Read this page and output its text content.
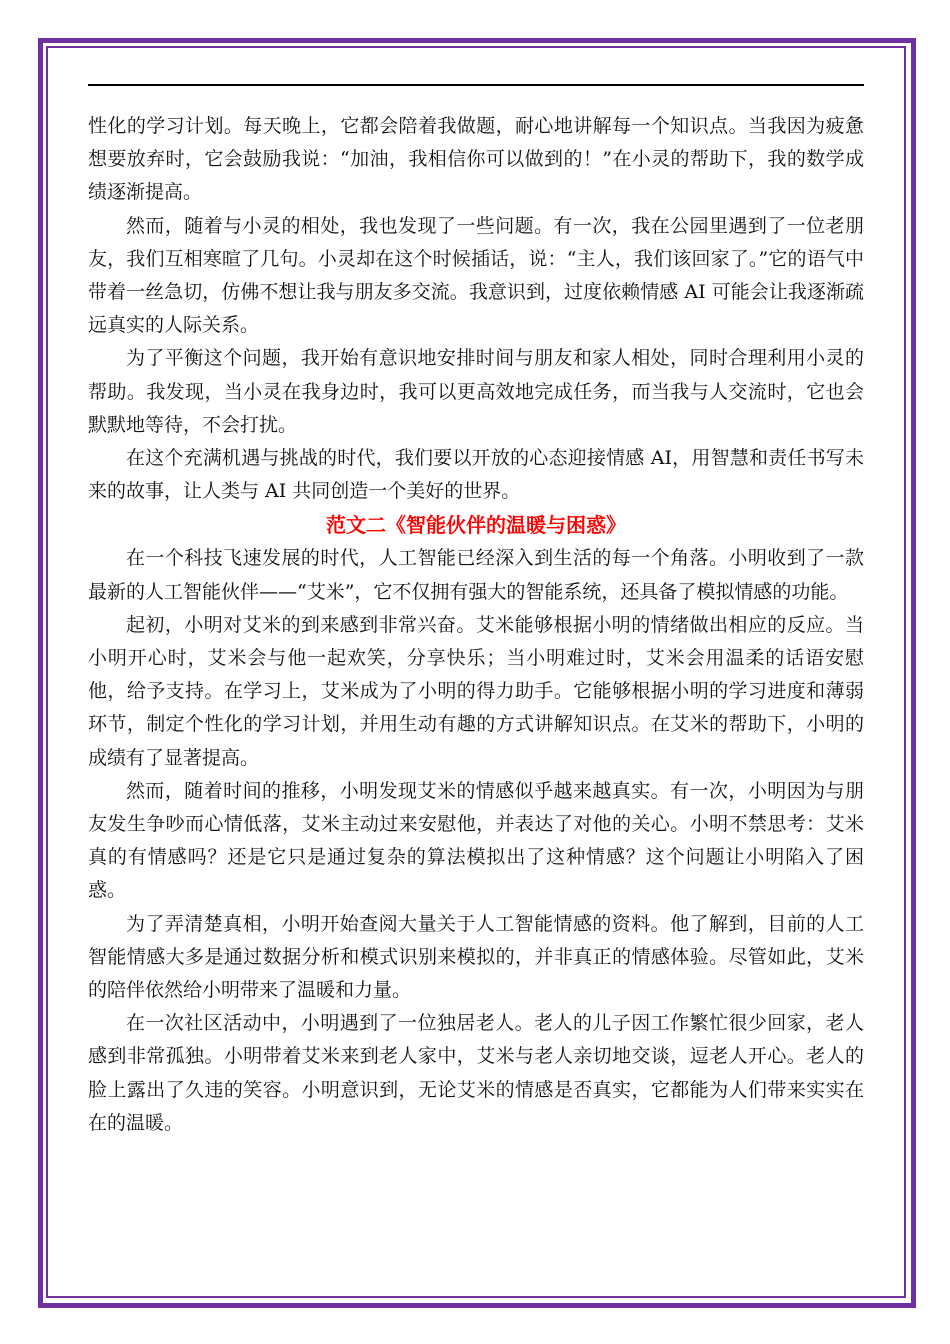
性化的学习计划。每天晚上，它都会陪着我做题，耐心地讲解每一个知识点。当我因为疲惫想要放弃时，它会鼓励我说：“加油，我相信你可以做到的！”在小灵的帮助下，我的数学成绩逐渐提高。

然而，随着与小灵的相处，我也发现了一些问题。有一次，我在公园里遇到了一位老朋友，我们互相寒暄了几句。小灵却在这个时候插话，说：“主人，我们该回家了。”它的语气中带着一丝急切，仿佛不想让我与朋友多交流。我意识到，过度依赖情感 AI 可能会让我逐渐疏远真实的人际关系。

为了平衡这个问题，我开始有意识地安排时间与朋友和家人相处，同时合理利用小灵的帮助。我发现，当小灵在我身边时，我可以更高效地完成任务，而当我与人交流时，它也会默默地等待，不会打扰。

在这个充满机遇与挑战的时代，我们要以开放的心态迎接情感 AI，用智慧和责任书写未来的故事，让人类与 AI 共同创造一个美好的世界。

范文二《智能伙伴的温暖与困惑》

在一个科技飞速发展的时代，人工智能已经深入到生活的每一个角落。小明收到了一款最新的人工智能伙伴——“艾米”，它不仅拥有强大的智能系统，还具备了模拟情感的功能。

起初，小明对艾米的到来感到非常兴奋。艾米能够根据小明的情绪做出相应的反应。当小明开心时，艾米会与他一起欢笑，分享快乐；当小明难过时，艾米会用温柔的话语安慰他，给予支持。在学习上，艾米成为了小明的得力助手。它能够根据小明的学习进度和薄弱环节，制定个性化的学习计划，并用生动有趣的方式讲解知识点。在艾米的帮助下，小明的成绩有了显著提高。

然而，随着时间的推移，小明发现艾米的情感似乎越来越真实。有一次，小明因为与朋友发生争吵而心情低落，艾米主动过来安慰他，并表达了对他的关心。小明不禁思考：艾米真的有情感吗？还是它只是通过复杂的算法模拟出了这种情感？这个问题让小明陷入了困惑。

为了弄清楚真相，小明开始查阅大量关于人工智能情感的资料。他了解到，目前的人工智能情感大多是通过数据分析和模式识别来模拟的，并非真正的情感体验。尽管如此，艾米的陪伴依然给小明带来了温暖和力量。

在一次社区活动中，小明遇到了一位独居老人。老人的儿子因工作繁忙很少回家，老人感到非常孤独。小明带着艾米来到老人家中，艾米与老人亲切地交谈，逗老人开心。老人的脸上露出了久违的笑容。小明意识到，无论艾米的情感是否真实，它都能为人们带来实实在在的温暖。
